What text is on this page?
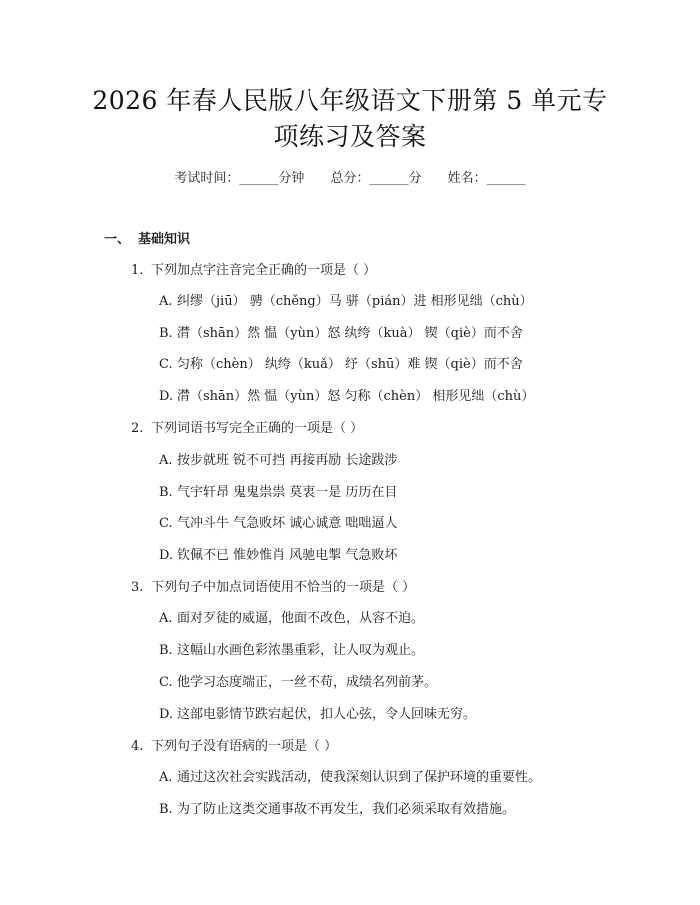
2026 年春人民版八年级语文下册第 5 单元专
项练习及答案
考试时间：______分钟 总分：______分 姓名：______
一、 基础知识
1. 下列加点字注音完全正确的一项是（ ）
A. 纠缪（jiū） 骋（chěng）马 骈（pián）进 相形见绌（chù）
B. 潸（shān）然 愠（yùn）怒 纨绔（kuà） 锲（qiè）而不舍
C. 匀称（chèn） 纨绔（kuǎ） 纾（shū）难 锲（qiè）而不舍
D. 潸（shān）然 愠（yùn）怒 匀称（chèn） 相形见绌（chù）
2. 下列词语书写完全正确的一项是（ ）
A. 按步就班 锐不可挡 再接再励 长途跋涉
B. 气宇轩昂 鬼鬼祟祟 莫衷一是 历历在目
C. 气冲斗牛 气急败坏 诚心诚意 咄咄逼人
D. 钦佩不已 惟妙惟肖 风驰电掣 气急败坏
3. 下列句子中加点词语使用不恰当的一项是（ ）
A. 面对歹徒的威逼，他面不改色，从容不迫。
B. 这幅山水画色彩浓墨重彩，让人叹为观止。
C. 他学习态度端正，一丝不苟，成绩名列前茅。
D. 这部电影情节跌宕起伏，扣人心弦，令人回味无穷。
4. 下列句子没有语病的一项是（ ）
A. 通过这次社会实践活动，使我深刻认识到了保护环境的重要性。
B. 为了防止这类交通事故不再发生，我们必须采取有效措施。
